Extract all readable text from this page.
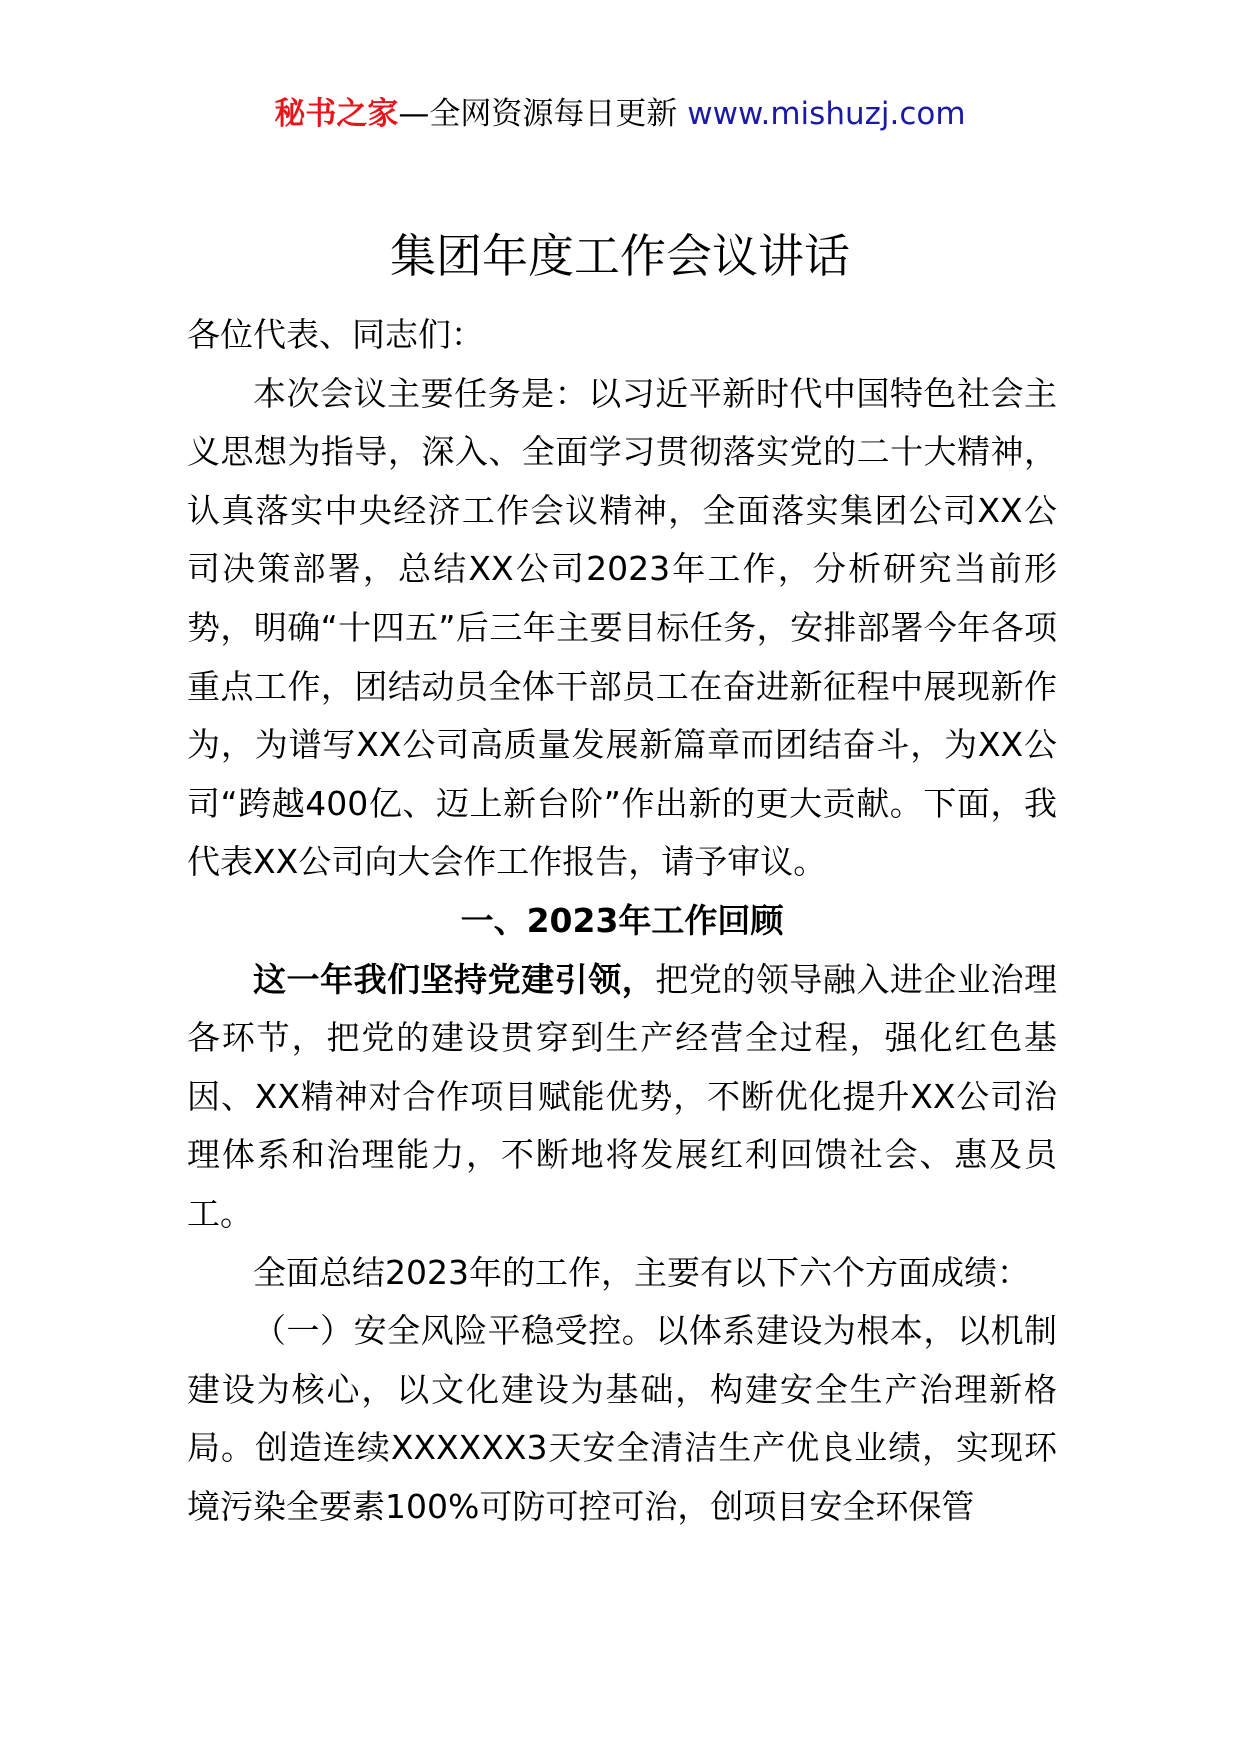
秘书之家—全网资源每日更新 www.mishuzj.com
集团年度工作会议讲话

各位代表、同志们：

本次会议主要任务是：以习近平新时代中国特色社会主义思想为指导，深入、全面学习贯彻落实党的二十大精神，认真落实中央经济工作会议精神，全面落实集团公司XX公司决策部署，总结XX公司2023年工作，分析研究当前形势，明确“十四五”后三年主要目标任务，安排部署今年各项重点工作，团结动员全体干部员工在奋进新征程中展现新作为，为谱写XX公司高质量发展新篇章而团结奋斗，为XX公司“跨越400亿、迈上新台阶”作出新的更大贡献。下面，我代表XX公司向大会作工作报告，请予审议。

一、2023年工作回顾

这一年我们坚持党建引领，把党的领导融入进企业治理各环节，把党的建设贯穿到生产经营全过程，强化红色基因、XX精神对合作项目赋能优势，不断优化提升XX公司治理体系和治理能力，不断地将发展红利回馈社会、惠及员工。

全面总结2023年的工作，主要有以下六个方面成绩：

（一）安全风险平稳受控。以体系建设为根本，以机制建设为核心，以文化建设为基础，构建安全生产治理新格局。创造连续XXXXXX3天安全清洁生产优良业绩，实现环境污染全要素100%可防可控可治，创项目安全环保管
